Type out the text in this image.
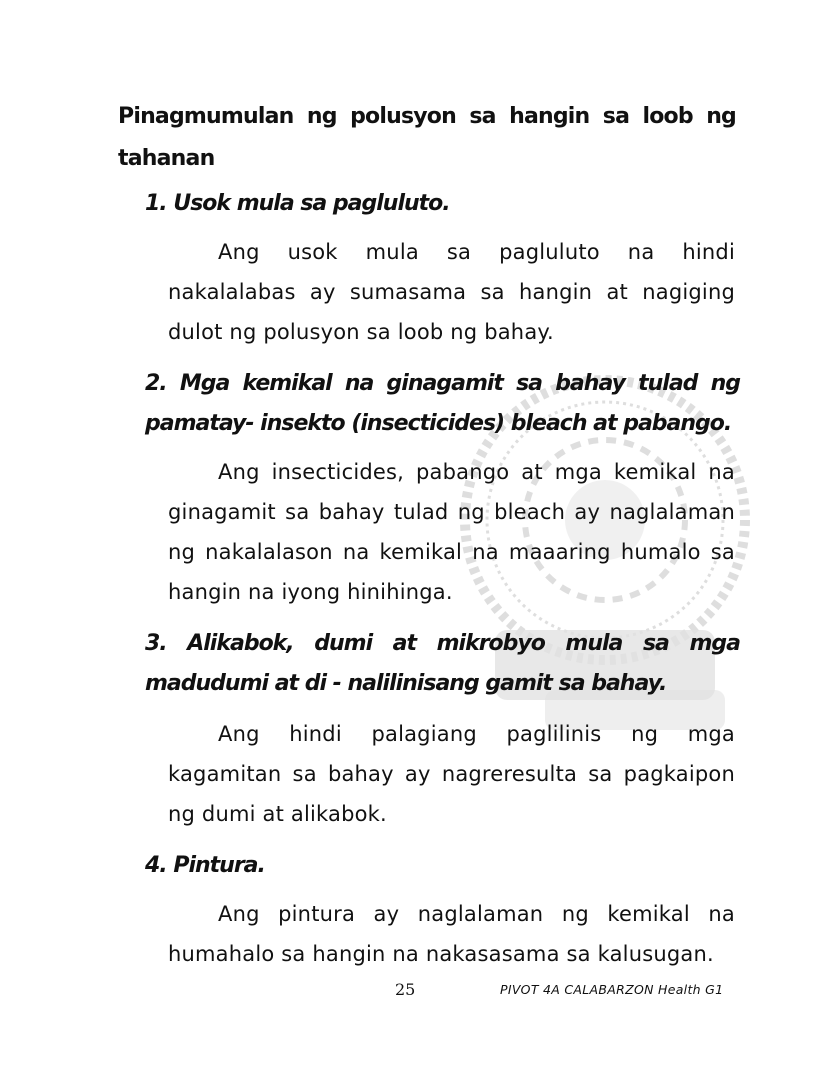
Pinagmumulan ng polusyon sa hangin sa loob ng tahanan
1. Usok mula sa pagluluto.
Ang usok mula sa pagluluto na hindi nakalalabas ay sumasama sa hangin at nagiging dulot ng polusyon sa loob ng bahay.
2. Mga kemikal na ginagamit sa bahay tulad ng pamatay- insekto (insecticides) bleach at pabango.
Ang insecticides, pabango at mga kemikal na ginagamit sa bahay tulad ng bleach ay naglalaman ng nakalalason na kemikal na maaaring humalo sa hangin na iyong hinihinga.
3. Alikabok, dumi at mikrobyo mula sa mga madudumi at di - nalilinisang gamit sa bahay.
Ang hindi palagiang paglilinis ng mga kagamitan sa bahay ay nagreresulta sa pagkaipon ng dumi at alikabok.
4. Pintura.
Ang pintura ay naglalaman ng kemikal na humahalo sa hangin na nakasasama sa kalusugan.
25	PIVOT 4A CALABARZON Health G1
